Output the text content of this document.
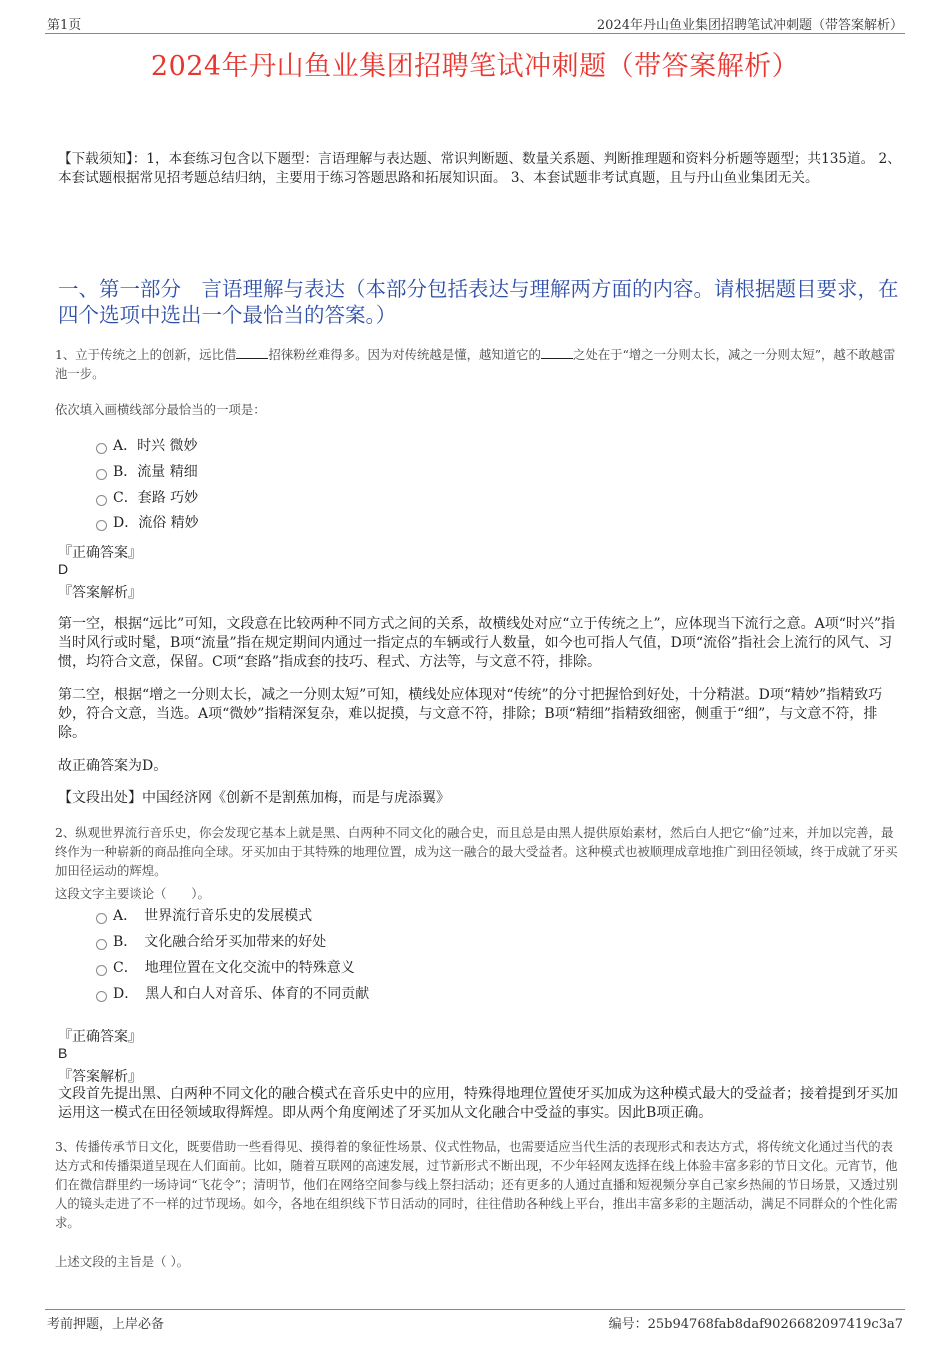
第1页	2024年丹山鱼业集团招聘笔试冲刺题（带答案解析）
2024年丹山鱼业集团招聘笔试冲刺题（带答案解析）
【下载须知】：1，本套练习包含以下题型：言语理解与表达题、常识判断题、数量关系题、判断推理题和资料分析题等题型；共135道。 2、本套试题根据常见招考题总结归纳，主要用于练习答题思路和拓展知识面。 3、本套试题非考试真题，且与丹山鱼业集团无关。
一、第一部分　言语理解与表达（本部分包括表达与理解两方面的内容。请根据题目要求，在四个选项中选出一个最恰当的答案。）
1、立于传统之上的创新，远比借	招徕粉丝难得多。因为对传统越是懂，越知道它的	之处在于“增之一分则太长，减之一分则太短”，越不敢越雷池一步。
依次填入画横线部分最恰当的一项是：
A．时兴 微妙
B．流量 精细
C．套路 巧妙
D．流俗 精妙
『正确答案』
D
『答案解析』
第一空，根据“远比”可知，文段意在比较两种不同方式之间的关系，故横线处对应“立于传统之上”，应体现当下流行之意。A项“时兴”指当时风行或时髦，B项“流量”指在规定期间内通过一指定点的车辆或行人数量，如今也可指人气值，D项“流俗”指社会上流行的风气、习惯，均符合文意，保留。C项“套路”指成套的技巧、程式、方法等，与文意不符，排除。
第二空，根据“增之一分则太长，减之一分则太短”可知，横线处应体现对“传统”的分寸把握恰到好处，十分精湛。D项“精妙”指精致巧妙，符合文意，当选。A项“微妙”指精深复杂，难以捉摸，与文意不符，排除；B项“精细”指精致细密，侧重于“细”，与文意不符，排除。
故正确答案为D。
【文段出处】中国经济网《创新不是割蕉加梅，而是与虎添翼》
2、纵观世界流行音乐史，你会发现它基本上就是黑、白两种不同文化的融合史，而且总是由黑人提供原始素材，然后白人把它“偷”过来，并加以完善，最终作为一种崭新的商品推向全球。牙买加由于其特殊的地理位置，成为这一融合的最大受益者。这种模式也被顺理成章地推广到田径领域，终于成就了牙买加田径运动的辉煌。
这段文字主要谈论（　　）。
A．　世界流行音乐史的发展模式
B．　文化融合给牙买加带来的好处
C．　地理位置在文化交流中的特殊意义
D．　黑人和白人对音乐、体育的不同贡献
『正确答案』
B
『答案解析』
文段首先提出黑、白两种不同文化的融合模式在音乐史中的应用，特殊得地理位置使牙买加成为这种模式最大的受益者；接着提到牙买加运用这一模式在田径领域取得辉煌。即从两个角度阐述了牙买加从文化融合中受益的事实。因此B项正确。
3、传播传承节日文化，既要借助一些看得见、摸得着的象征性场景、仪式性物品，也需要适应当代生活的表现形式和表达方式，将传统文化通过当代的表达方式和传播渠道呈现在人们面前。比如，随着互联网的高速发展，过节新形式不断出现，不少年轻网友选择在线上体验丰富多彩的节日文化。元宵节，他们在微信群里约一场诗词“飞花令”；清明节，他们在网络空间参与线上祭扫活动；还有更多的人通过直播和短视频分享自己家乡热闹的节日场景，又透过别人的镜头走进了不一样的过节现场。如今，各地在组织线下节日活动的同时，往往借助各种线上平台，推出丰富多彩的主题活动，满足不同群众的个性化需求。
上述文段的主旨是（ ）。
考前押题，上岸必备	编号：25b94768fab8daf9026682097419c3a7
